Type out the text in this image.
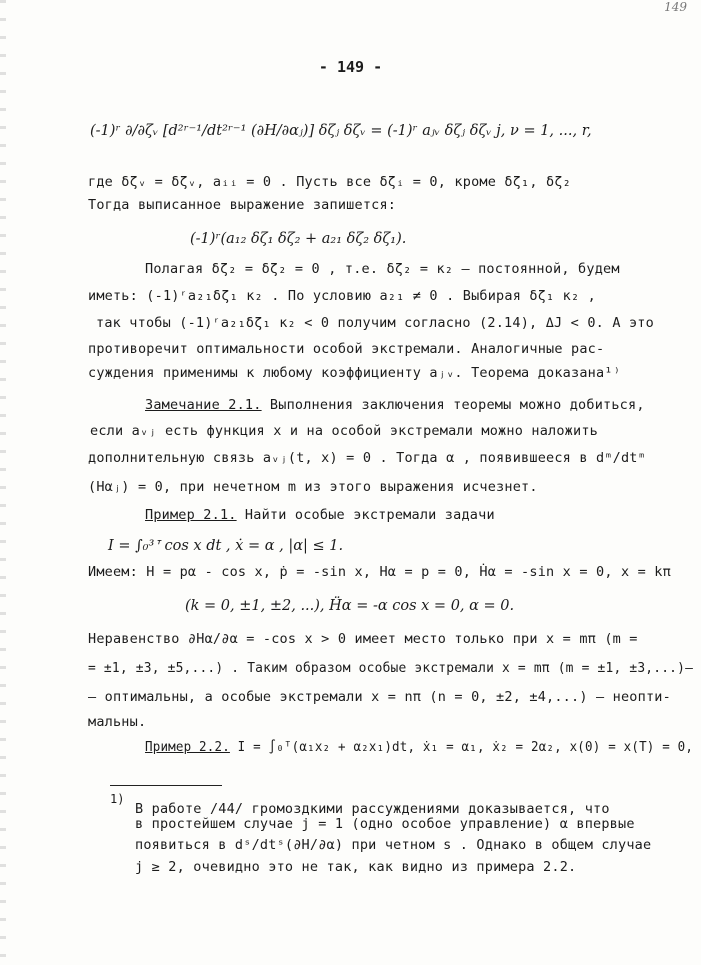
149
- 149 -
(-1)ʳ ∂/∂ζᵥ [d²ʳ⁻¹/dt²ʳ⁻¹ (∂H/∂αⱼ)] δζⱼ δζᵥ = (-1)ʳ aⱼᵥ δζⱼ δζᵥ j, ν = 1, ..., r,
где δζᵥ = δζᵥ, aᵢᵢ = 0 . Пусть все δζᵢ = 0, кроме δζ₁, δζ₂
Тогда выписанное выражение запишется:
(-1)ʳ(a₁₂ δζ₁ δζ₂ + a₂₁ δζ₂ δζ₁).
Полагая δζ₂ = δζ₂ = 0 , т.е. δζ₂ = κ₂ – постоянной, будем
иметь: (-1)ʳa₂₁δζ₁ κ₂ . По условию a₂₁ ≠ 0 . Выбирая δζ₁ κ₂ ,
так чтобы (-1)ʳa₂₁δζ₁ κ₂ < 0 получим согласно (2.14), ΔJ < 0. А это
противоречит оптимальности особой экстремали. Аналогичные рас-
суждения применимы к любому коэффициенту aⱼᵥ. Теорема доказана¹⁾
Замечание 2.1. Выполнения заключения теоремы можно добиться,
если aᵥⱼ есть функция x и на особой экстремали можно наложить
дополнительную связь aᵥⱼ(t, x) = 0 . Тогда α , появившееся в dᵐ/dtᵐ
(Hαⱼ) = 0, при нечетном m из этого выражения исчезнет.
Пример 2.1. Найти особые экстремали задачи
I = ∫₀³ᐪ cos x dt , ẋ = α , |α| ≤ 1.
Имеем: H = pα - cos x, ṗ = -sin x, Hα = p = 0, Ḣα = -sin x = 0, x = kπ
(k = 0, ±1, ±2, ...), Ḧα = -α cos x = 0, α = 0.
Неравенство ∂Hα/∂α = -cos x > 0 имеет место только при x = mπ (m =
= ±1, ±3, ±5,...) . Таким образом особые экстремали x = mπ (m = ±1, ±3,...)–
– оптимальны, а особые экстремали x = nπ (n = 0, ±2, ±4,...) – неопти-
мальны.
Пример 2.2. I = ∫₀ᵀ(α₁x₂ + α₂x₁)dt, ẋ₁ = α₁, ẋ₂ = 2α₂, x(0) = x(T) = 0,
1)
В работе /44/ громоздкими рассуждениями доказывается, что
в простейшем случае j = 1 (одно особое управление) α впервые
появиться в dˢ/dtˢ(∂H/∂α) при четном s . Однако в общем случае
j ≥ 2, очевидно это не так, как видно из примера 2.2.
